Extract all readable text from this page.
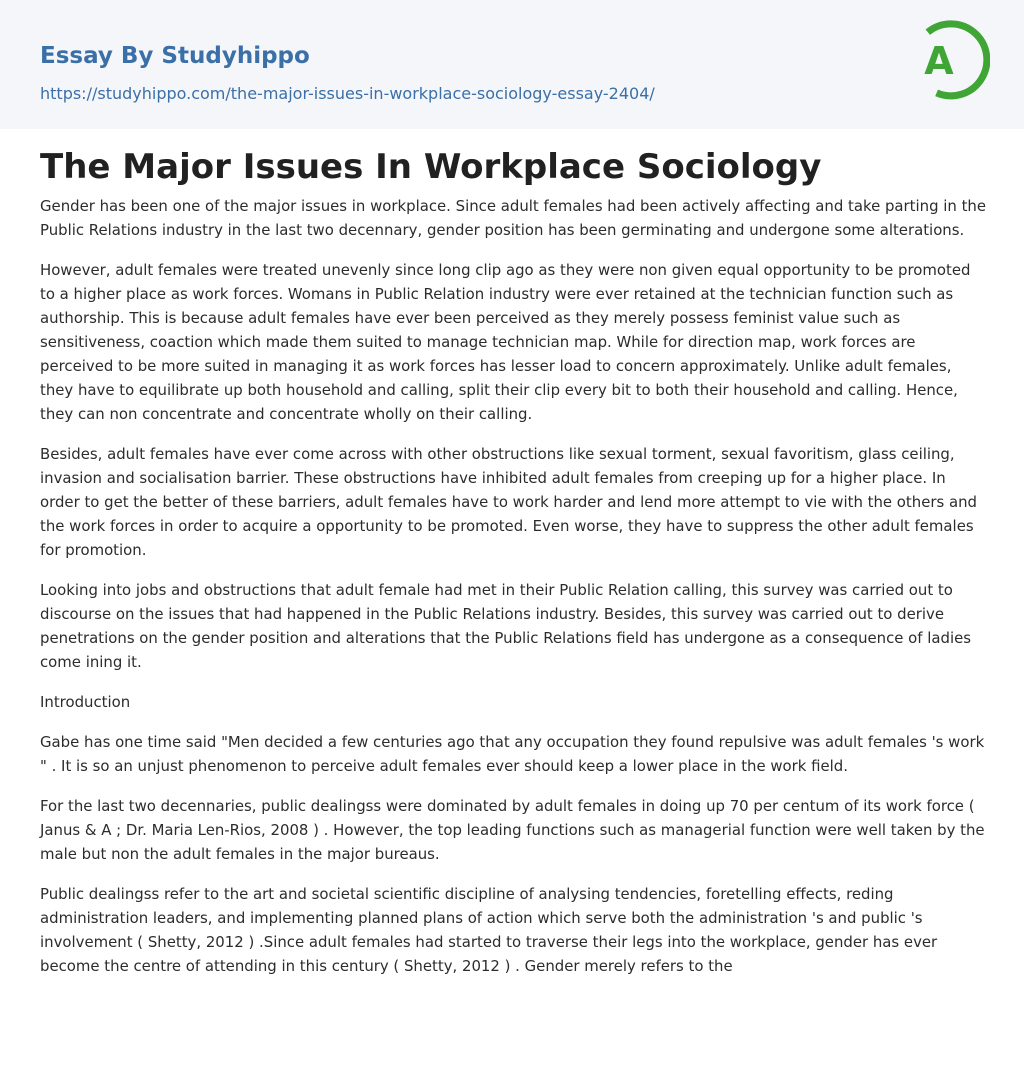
Essay By Studyhippo
https://studyhippo.com/the-major-issues-in-workplace-sociology-essay-2404/
A
The Major Issues In Workplace Sociology

Gender has been one of the major issues in workplace. Since adult females had been actively affecting and take parting in the Public Relations industry in the last two decennary, gender position has been germinating and undergone some alterations.

However, adult females were treated unevenly since long clip ago as they were non given equal opportunity to be promoted to a higher place as work forces. Womans in Public Relation industry were ever retained at the technician function such as authorship. This is because adult females have ever been perceived as they merely possess feminist value such as sensitiveness, coaction which made them suited to manage technician map. While for direction map, work forces are perceived to be more suited in managing it as work forces has lesser load to concern approximately. Unlike adult females, they have to equilibrate up both household and calling, split their clip every bit to both their household and calling. Hence, they can non concentrate and concentrate wholly on their calling.

Besides, adult females have ever come across with other obstructions like sexual torment, sexual favoritism, glass ceiling, invasion and socialisation barrier. These obstructions have inhibited adult females from creeping up for a higher place. In order to get the better of these barriers, adult females have to work harder and lend more attempt to vie with the others and the work forces in order to acquire a opportunity to be promoted. Even worse, they have to suppress the other adult females for promotion.

Looking into jobs and obstructions that adult female had met in their Public Relation calling, this survey was carried out to discourse on the issues that had happened in the Public Relations industry. Besides, this survey was carried out to derive penetrations on the gender position and alterations that the Public Relations field has undergone as a consequence of ladies come ining it.

Introduction

Gabe has one time said "Men decided a few centuries ago that any occupation they found repulsive was adult females 's work " . It is so an unjust phenomenon to perceive adult females ever should keep a lower place in the work field.

For the last two decennaries, public dealingss were dominated by adult females in doing up 70 per centum of its work force ( Janus & A ; Dr. Maria Len-Rios, 2008 ) . However, the top leading functions such as managerial function were well taken by the male but non the adult females in the major bureaus.

Public dealingss refer to the art and societal scientific discipline of analysing tendencies, foretelling effects, reding administration leaders, and implementing planned plans of action which serve both the administration 's and public 's involvement ( Shetty, 2012 ) .Since adult females had started to traverse their legs into the workplace, gender has ever become the centre of attending in this century ( Shetty, 2012 ) . Gender merely refers to the
